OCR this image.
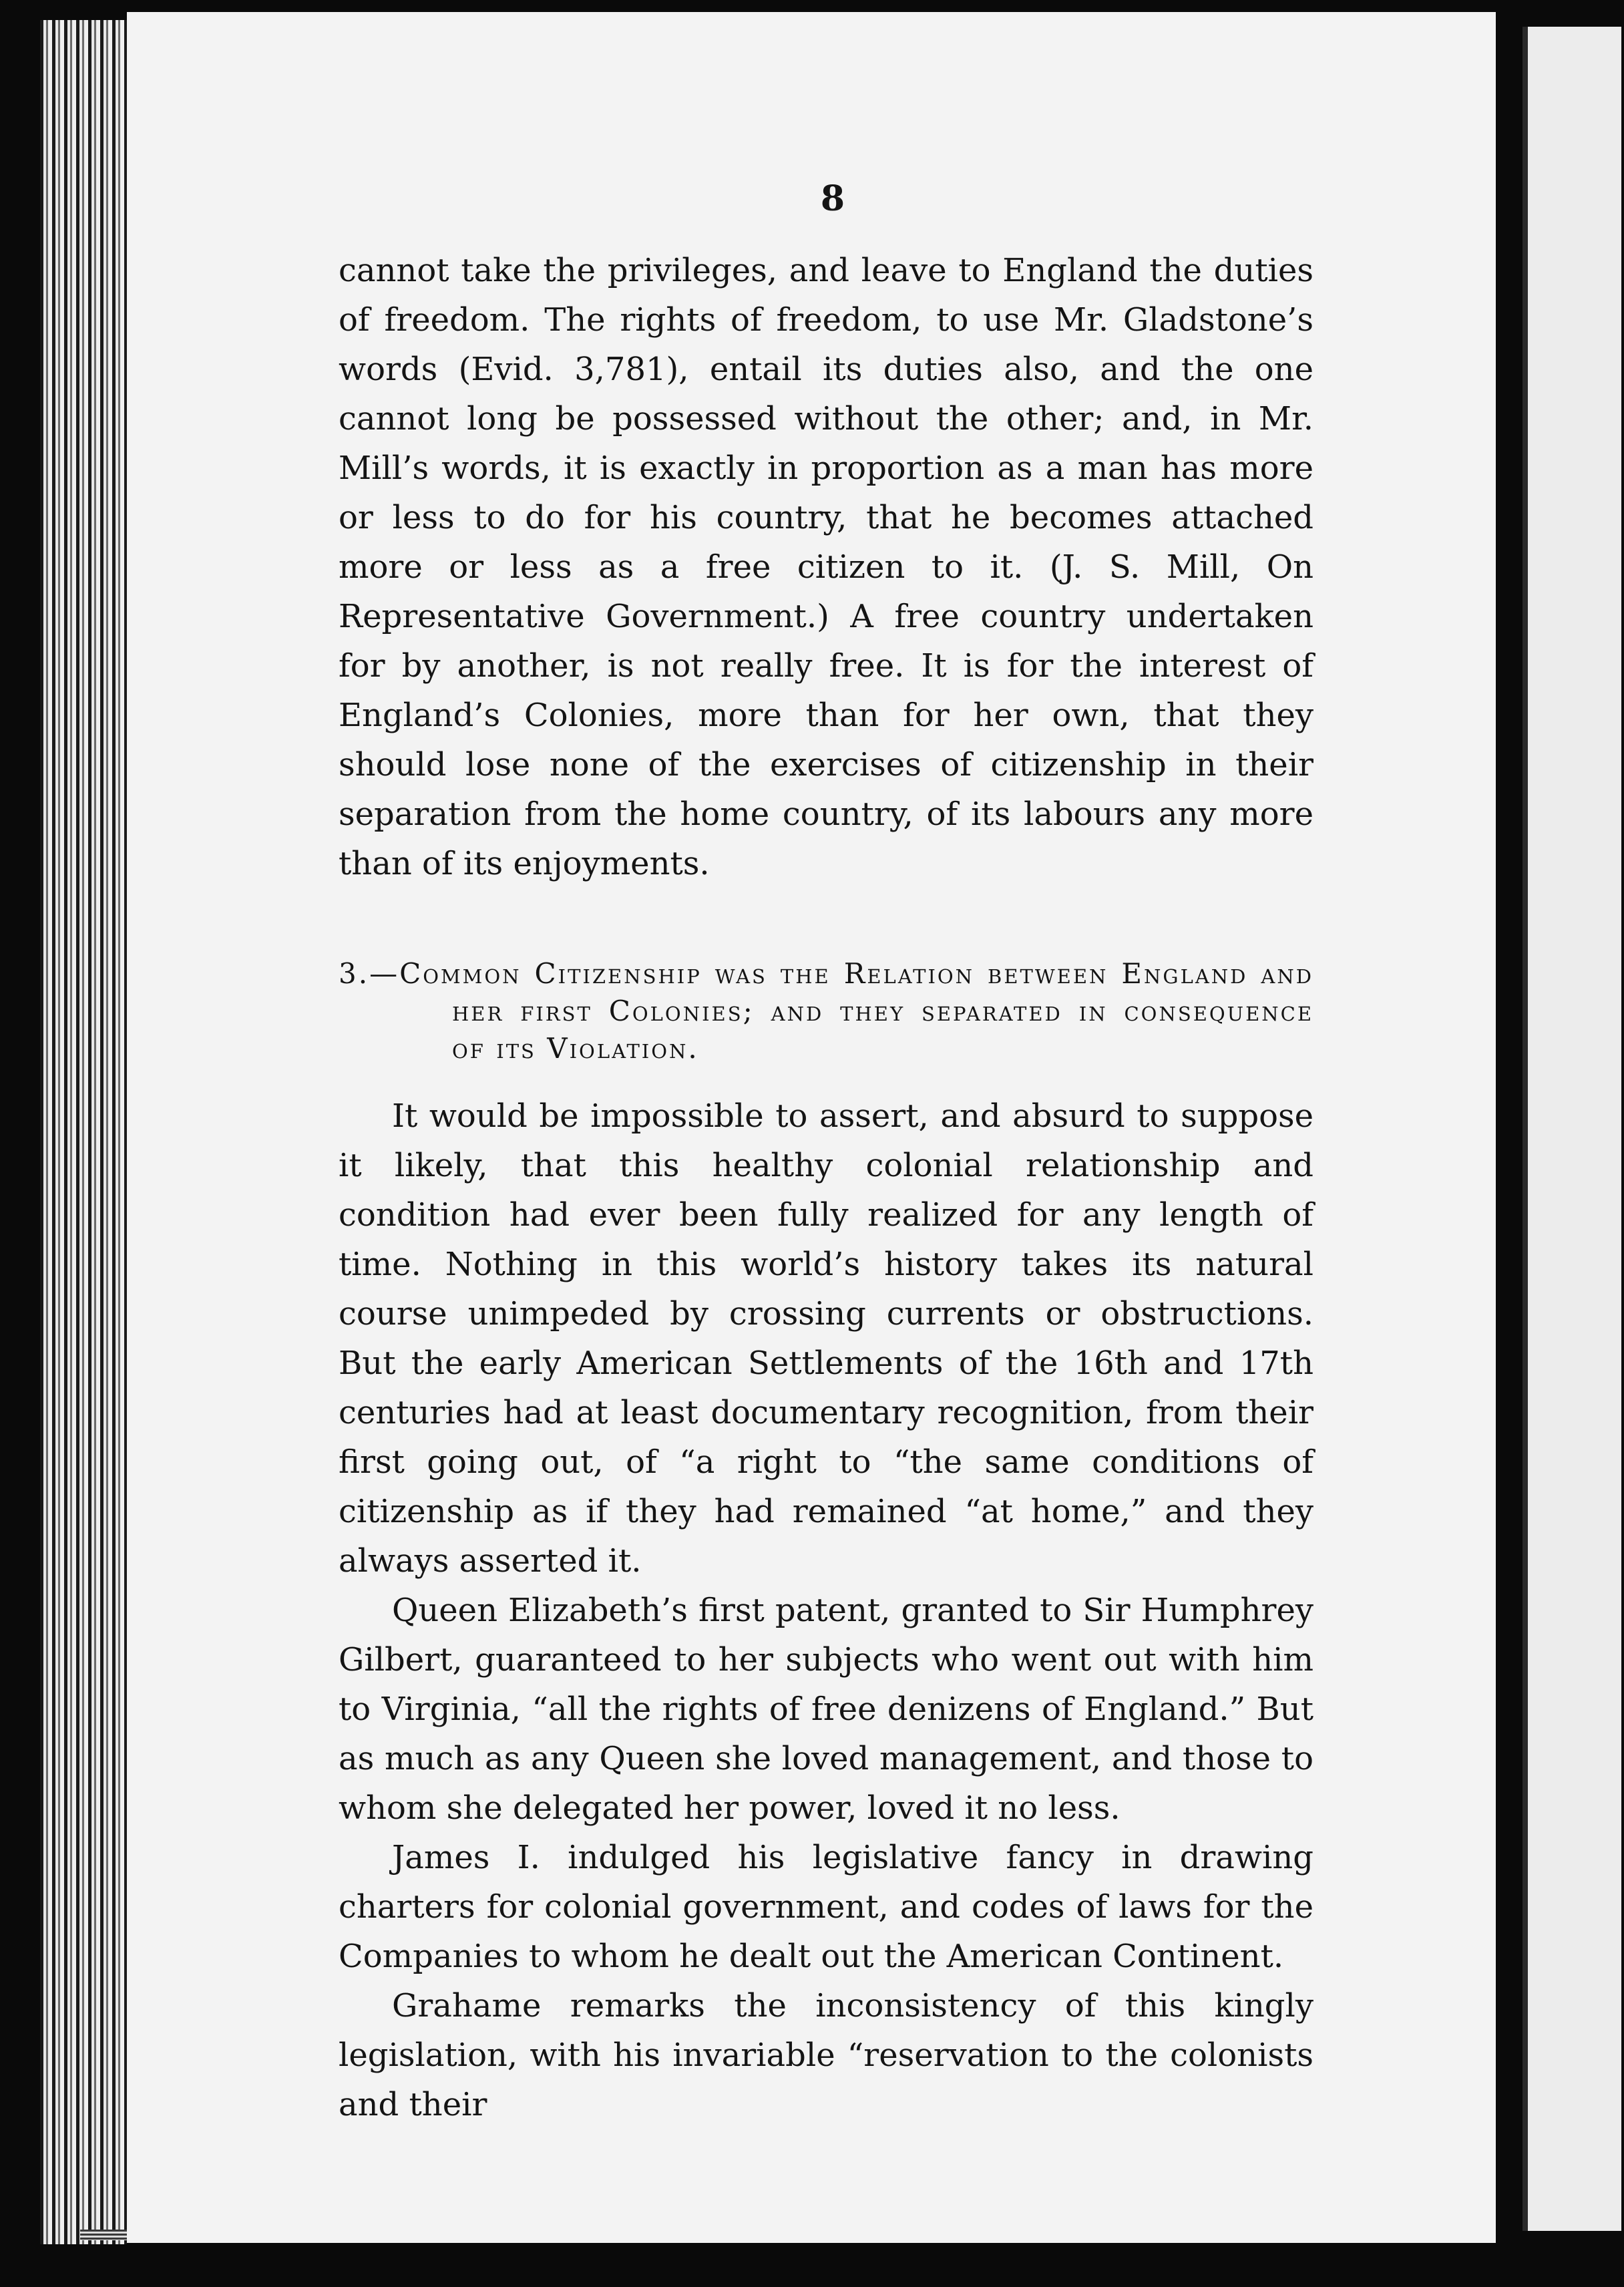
8

cannot take the privileges, and leave to England the duties of freedom. The rights of freedom, to use Mr. Gladstone’s words (Evid. 3,781), entail its duties also, and the one cannot long be possessed without the other; and, in Mr. Mill’s words, it is exactly in proportion as a man has more or less to do for his country, that he becomes attached more or less as a free citizen to it. (J. S. Mill, On Representative Government.) A free country undertaken for by another, is not really free. It is for the interest of England’s Colonies, more than for her own, that they should lose none of the exercises of citizenship in their separation from the home country, of its labours any more than of its enjoyments.

3.—Common Citizenship was the Relation between England and her first Colonies; and they separated in consequence of its Violation.

It would be impossible to assert, and absurd to suppose it likely, that this healthy colonial relationship and condition had ever been fully realized for any length of time. Nothing in this world’s history takes its natural course unimpeded by crossing currents or obstructions. But the early American Settlements of the 16th and 17th centuries had at least documentary recognition, from their first going out, of “a right to “the same conditions of citizenship as if they had remained “at home,” and they always asserted it.

Queen Elizabeth’s first patent, granted to Sir Humphrey Gilbert, guaranteed to her subjects who went out with him to Virginia, “all the rights of free denizens of England.” But as much as any Queen she loved management, and those to whom she delegated her power, loved it no less.

James I. indulged his legislative fancy in drawing charters for colonial government, and codes of laws for the Companies to whom he dealt out the American Continent.

Grahame remarks the inconsistency of this kingly legislation, with his invariable “reservation to the colonists and their
